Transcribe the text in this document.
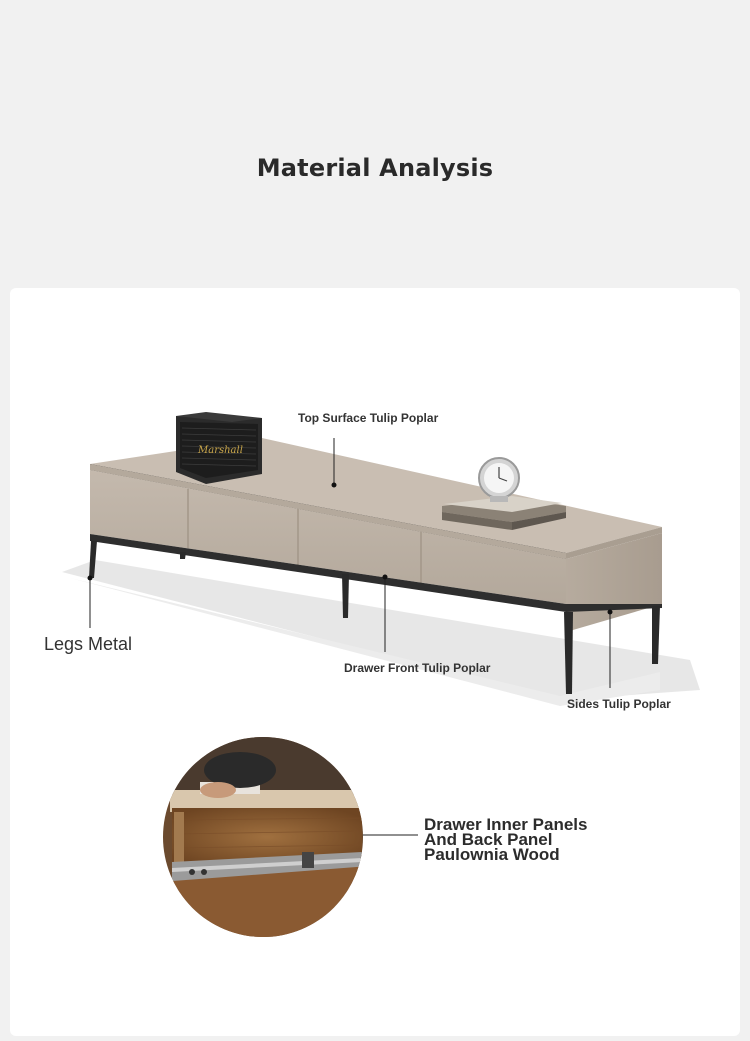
Material Analysis
Marshall
Top Surface Tulip Poplar
Legs Metal
Drawer Front Tulip Poplar
Sides Tulip Poplar
Drawer Inner Panels
And Back Panel
Paulownia Wood
